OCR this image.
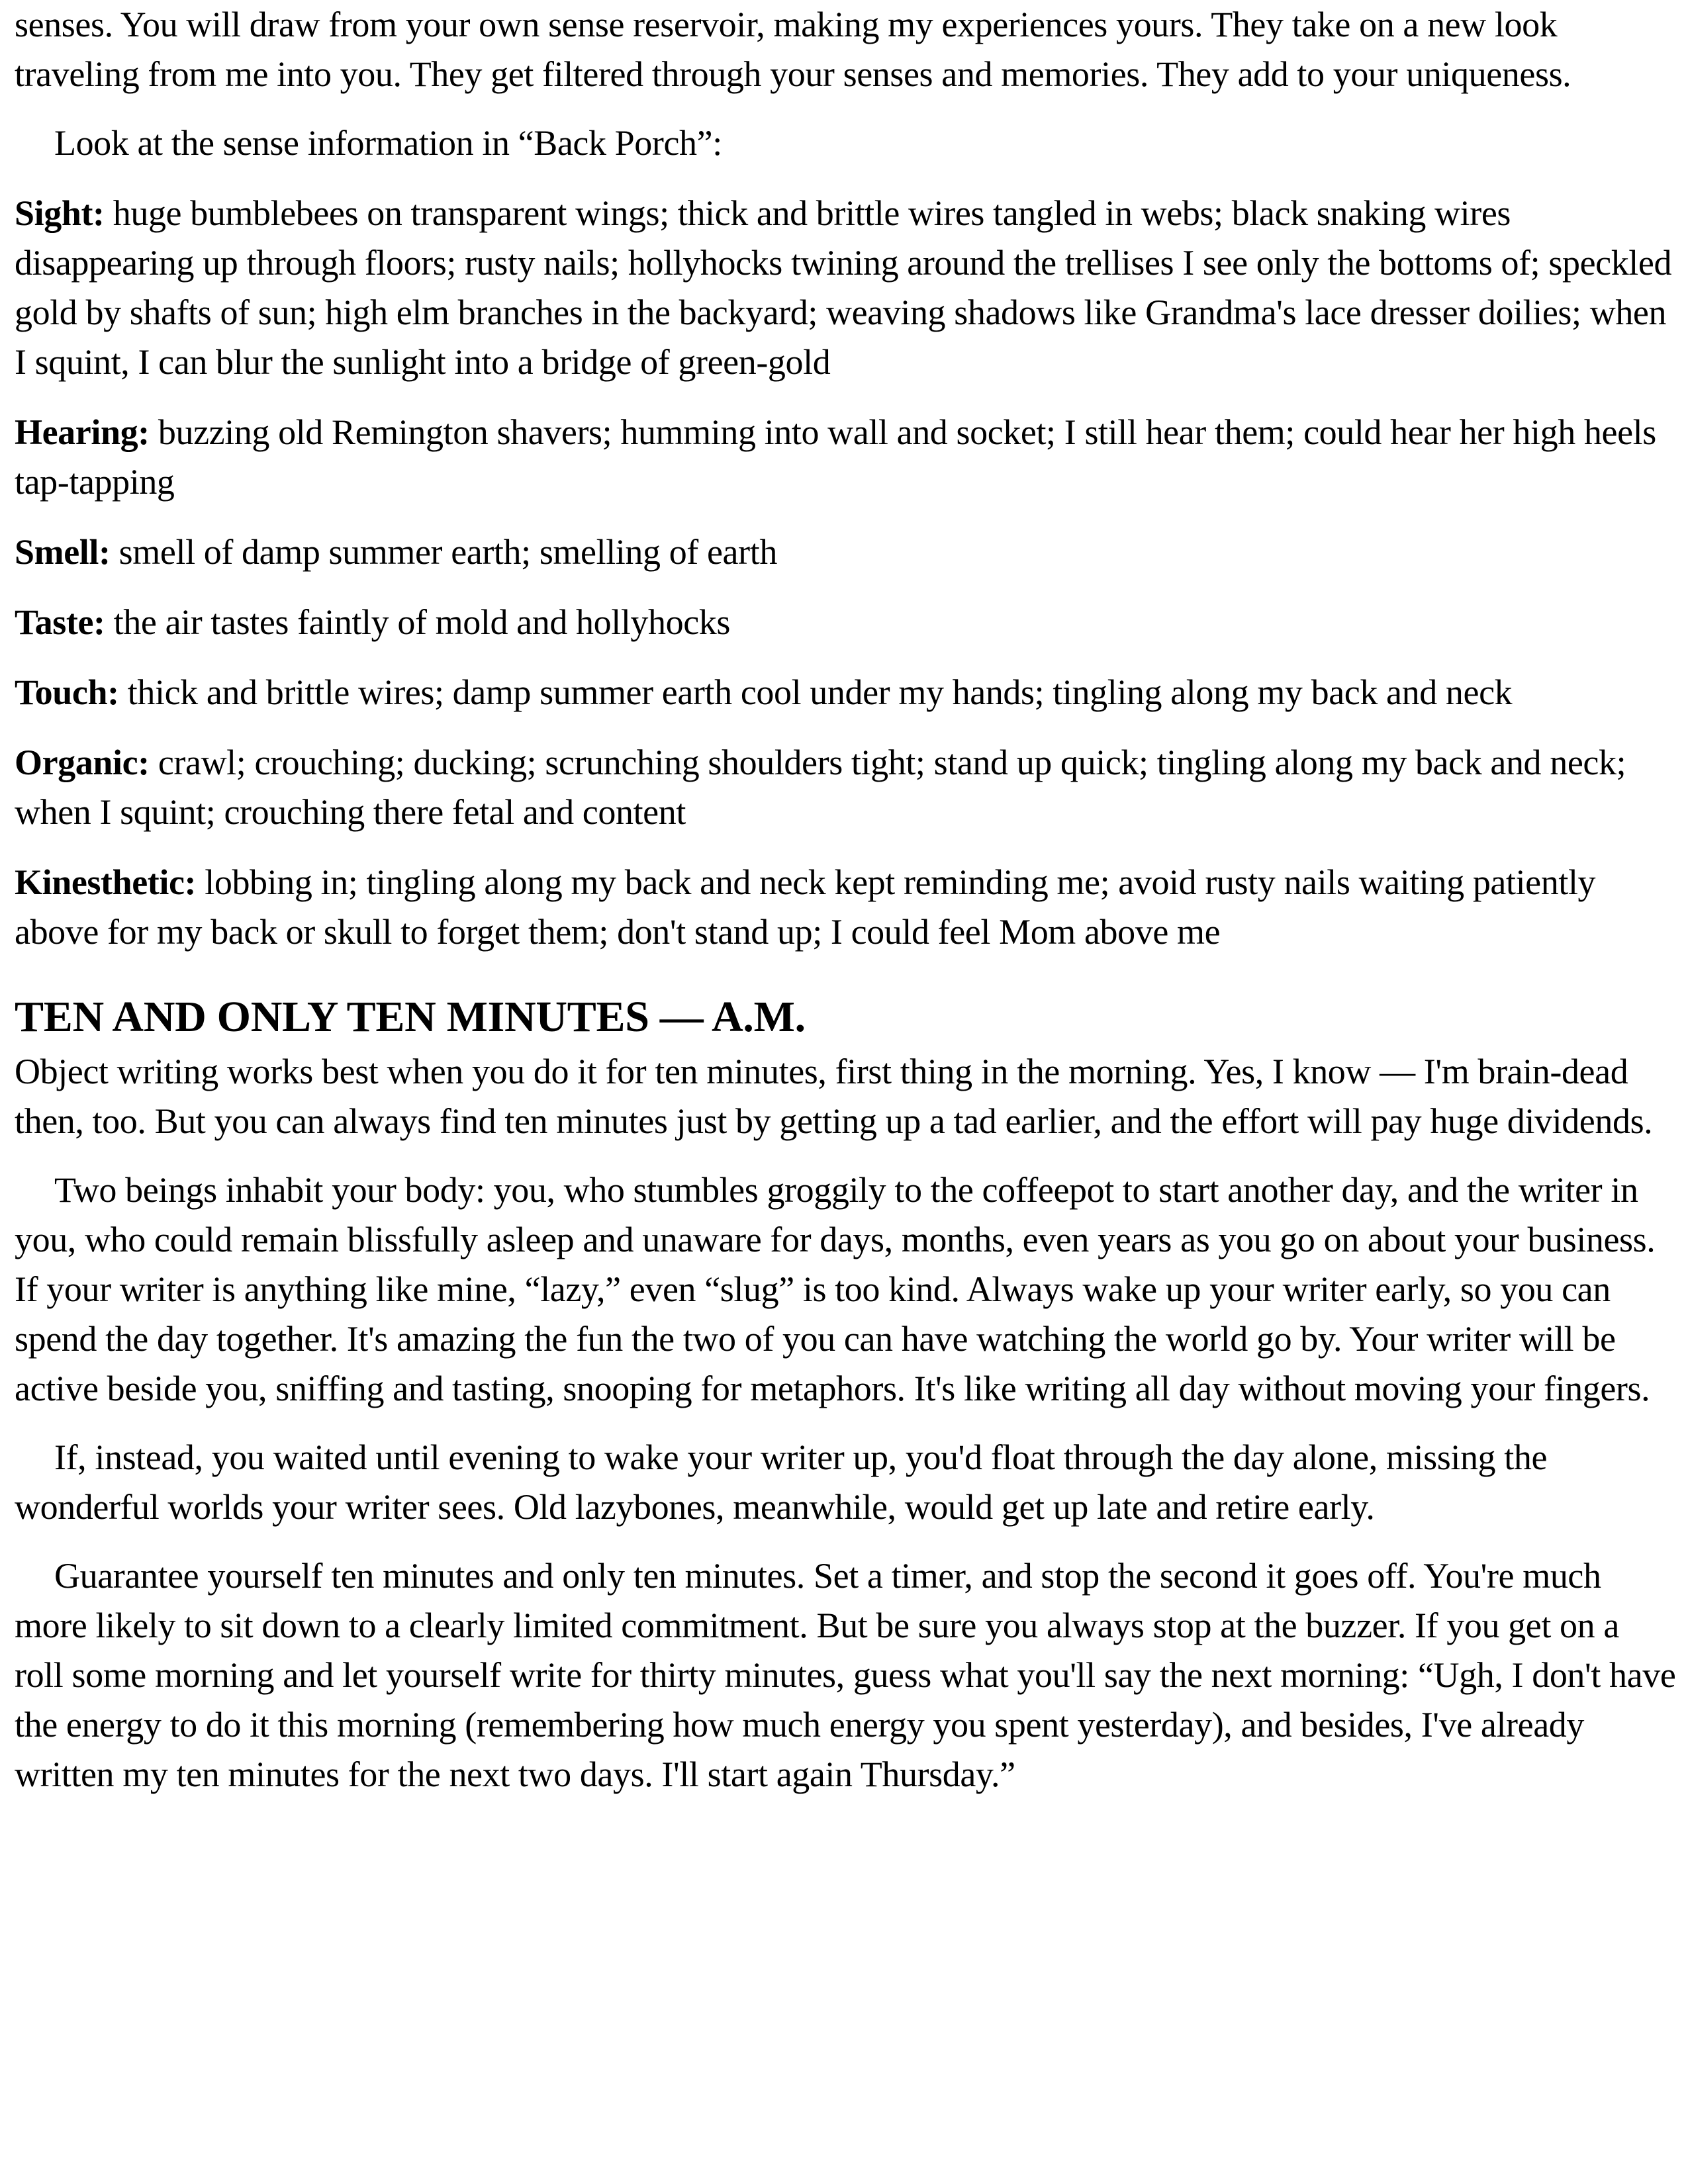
senses. You will draw from your own sense reservoir, making my experiences yours. They take on a new look traveling from me into you. They get filtered through your senses and memories. They add to your uniqueness.

Look at the sense information in “Back Porch”:

Sight: huge bumblebees on transparent wings; thick and brittle wires tangled in webs; black snaking wires disappearing up through floors; rusty nails; hollyhocks twining around the trellises I see only the bottoms of; speckled gold by shafts of sun; high elm branches in the backyard; weaving shadows like Grandma's lace dresser doilies; when I squint, I can blur the sunlight into a bridge of green-gold

Hearing: buzzing old Remington shavers; humming into wall and socket; I still hear them; could hear her high heels tap-tapping

Smell: smell of damp summer earth; smelling of earth

Taste: the air tastes faintly of mold and hollyhocks

Touch: thick and brittle wires; damp summer earth cool under my hands; tingling along my back and neck

Organic: crawl; crouching; ducking; scrunching shoulders tight; stand up quick; tingling along my back and neck; when I squint; crouching there fetal and content

Kinesthetic: lobbing in; tingling along my back and neck kept reminding me; avoid rusty nails waiting patiently above for my back or skull to forget them; don't stand up; I could feel Mom above me

TEN AND ONLY TEN MINUTES — A.M.

Object writing works best when you do it for ten minutes, first thing in the morning. Yes, I know — I'm brain-dead then, too. But you can always find ten minutes just by getting up a tad earlier, and the effort will pay huge dividends.

Two beings inhabit your body: you, who stumbles groggily to the coffeepot to start another day, and the writer in you, who could remain blissfully asleep and unaware for days, months, even years as you go on about your business. If your writer is anything like mine, “lazy,” even “slug” is too kind. Always wake up your writer early, so you can spend the day together. It's amazing the fun the two of you can have watching the world go by. Your writer will be active beside you, sniffing and tasting, snooping for metaphors. It's like writing all day without moving your fingers.

If, instead, you waited until evening to wake your writer up, you'd float through the day alone, missing the wonderful worlds your writer sees. Old lazybones, meanwhile, would get up late and retire early.

Guarantee yourself ten minutes and only ten minutes. Set a timer, and stop the second it goes off. You're much more likely to sit down to a clearly limited commitment. But be sure you always stop at the buzzer. If you get on a roll some morning and let yourself write for thirty minutes, guess what you'll say the next morning: “Ugh, I don't have the energy to do it this morning (remembering how much energy you spent yesterday), and besides, I've already written my ten minutes for the next two days. I'll start again Thursday.”
